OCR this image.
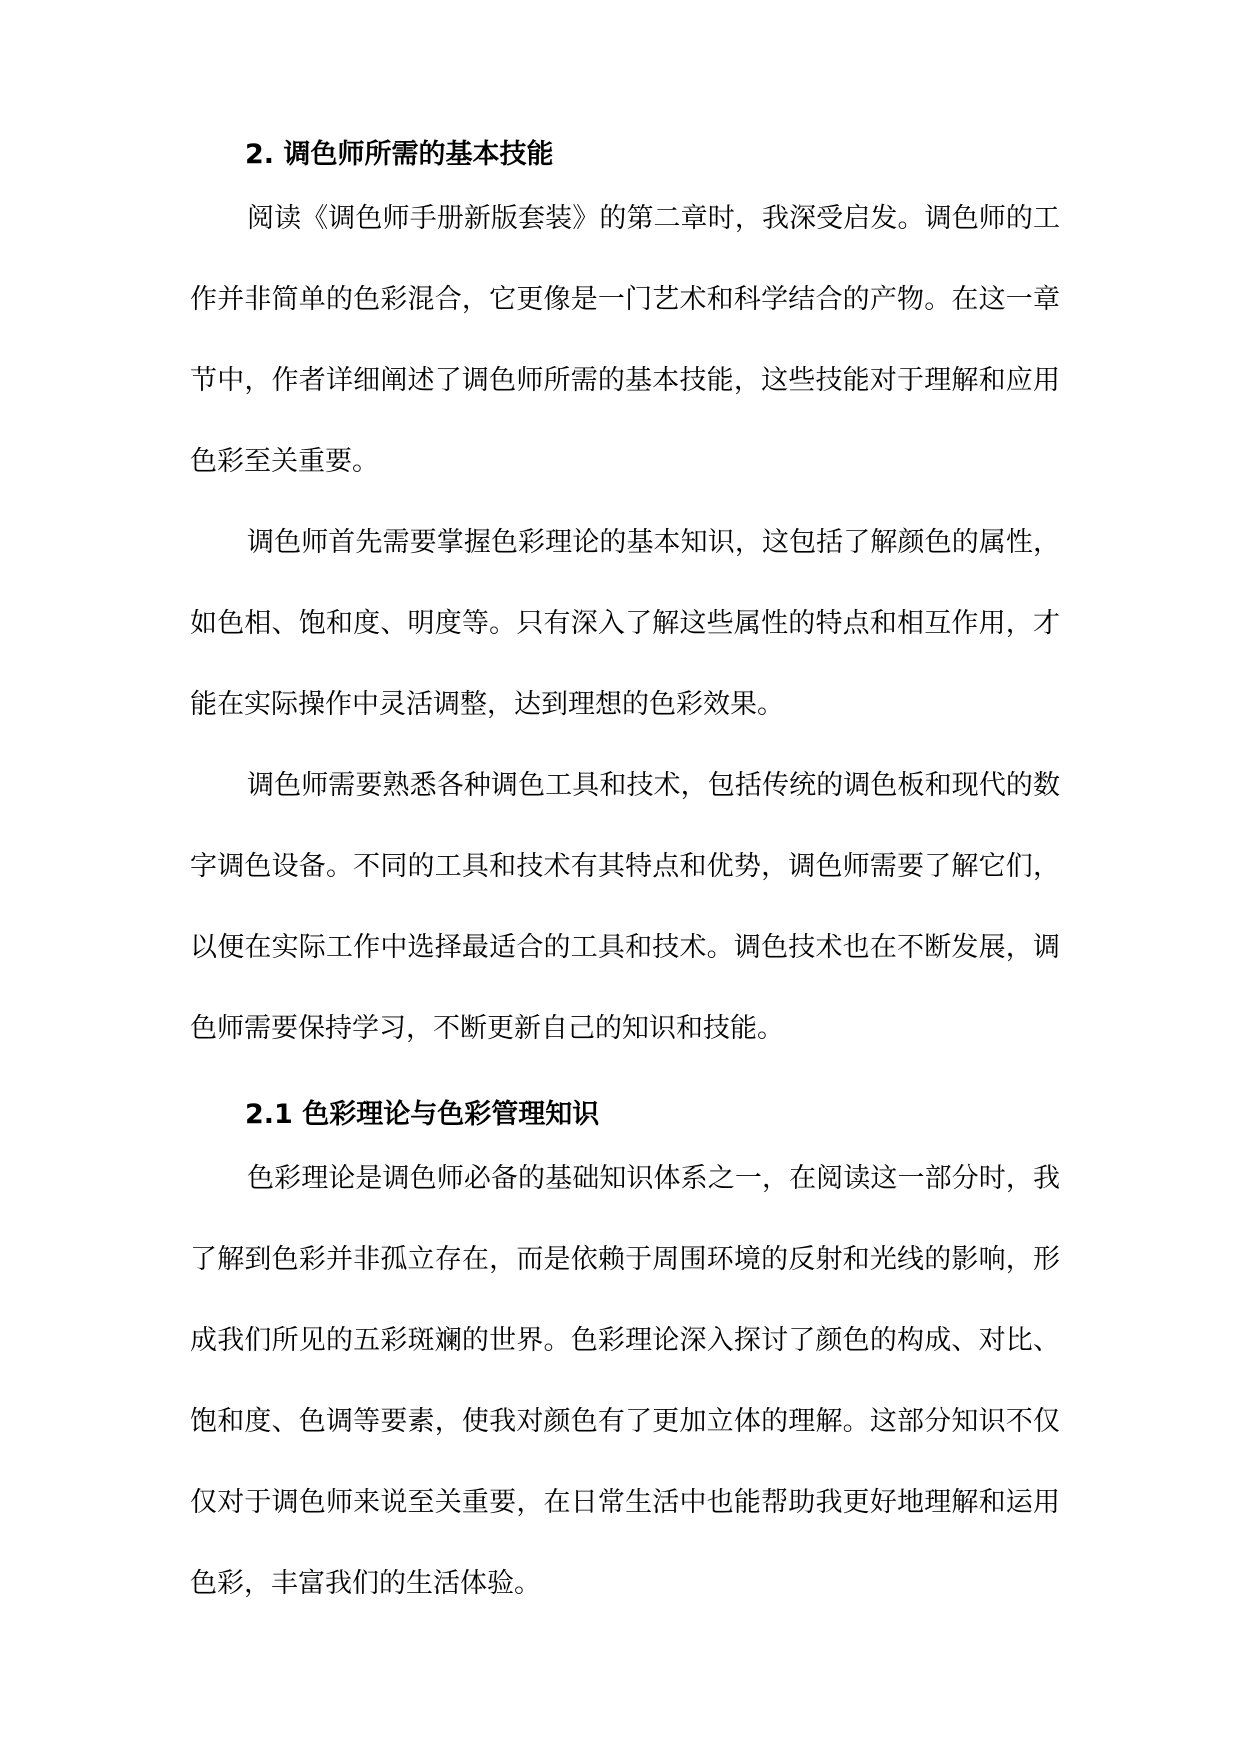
2. 调色师所需的基本技能
阅读《调色师手册新版套装》的第二章时，我深受启发。调色师的工作并非简单的色彩混合，它更像是一门艺术和科学结合的产物。在这一章节中，作者详细阐述了调色师所需的基本技能，这些技能对于理解和应用色彩至关重要。
调色师首先需要掌握色彩理论的基本知识，这包括了解颜色的属性，如色相、饱和度、明度等。只有深入了解这些属性的特点和相互作用，才能在实际操作中灵活调整，达到理想的色彩效果。
调色师需要熟悉各种调色工具和技术，包括传统的调色板和现代的数字调色设备。不同的工具和技术有其特点和优势，调色师需要了解它们，以便在实际工作中选择最适合的工具和技术。调色技术也在不断发展，调色师需要保持学习，不断更新自己的知识和技能。
2.1 色彩理论与色彩管理知识
色彩理论是调色师必备的基础知识体系之一，在阅读这一部分时，我了解到色彩并非孤立存在，而是依赖于周围环境的反射和光线的影响，形成我们所见的五彩斑斓的世界。色彩理论深入探讨了颜色的构成、对比、饱和度、色调等要素，使我对颜色有了更加立体的理解。这部分知识不仅仅对于调色师来说至关重要，在日常生活中也能帮助我更好地理解和运用色彩，丰富我们的生活体验。
